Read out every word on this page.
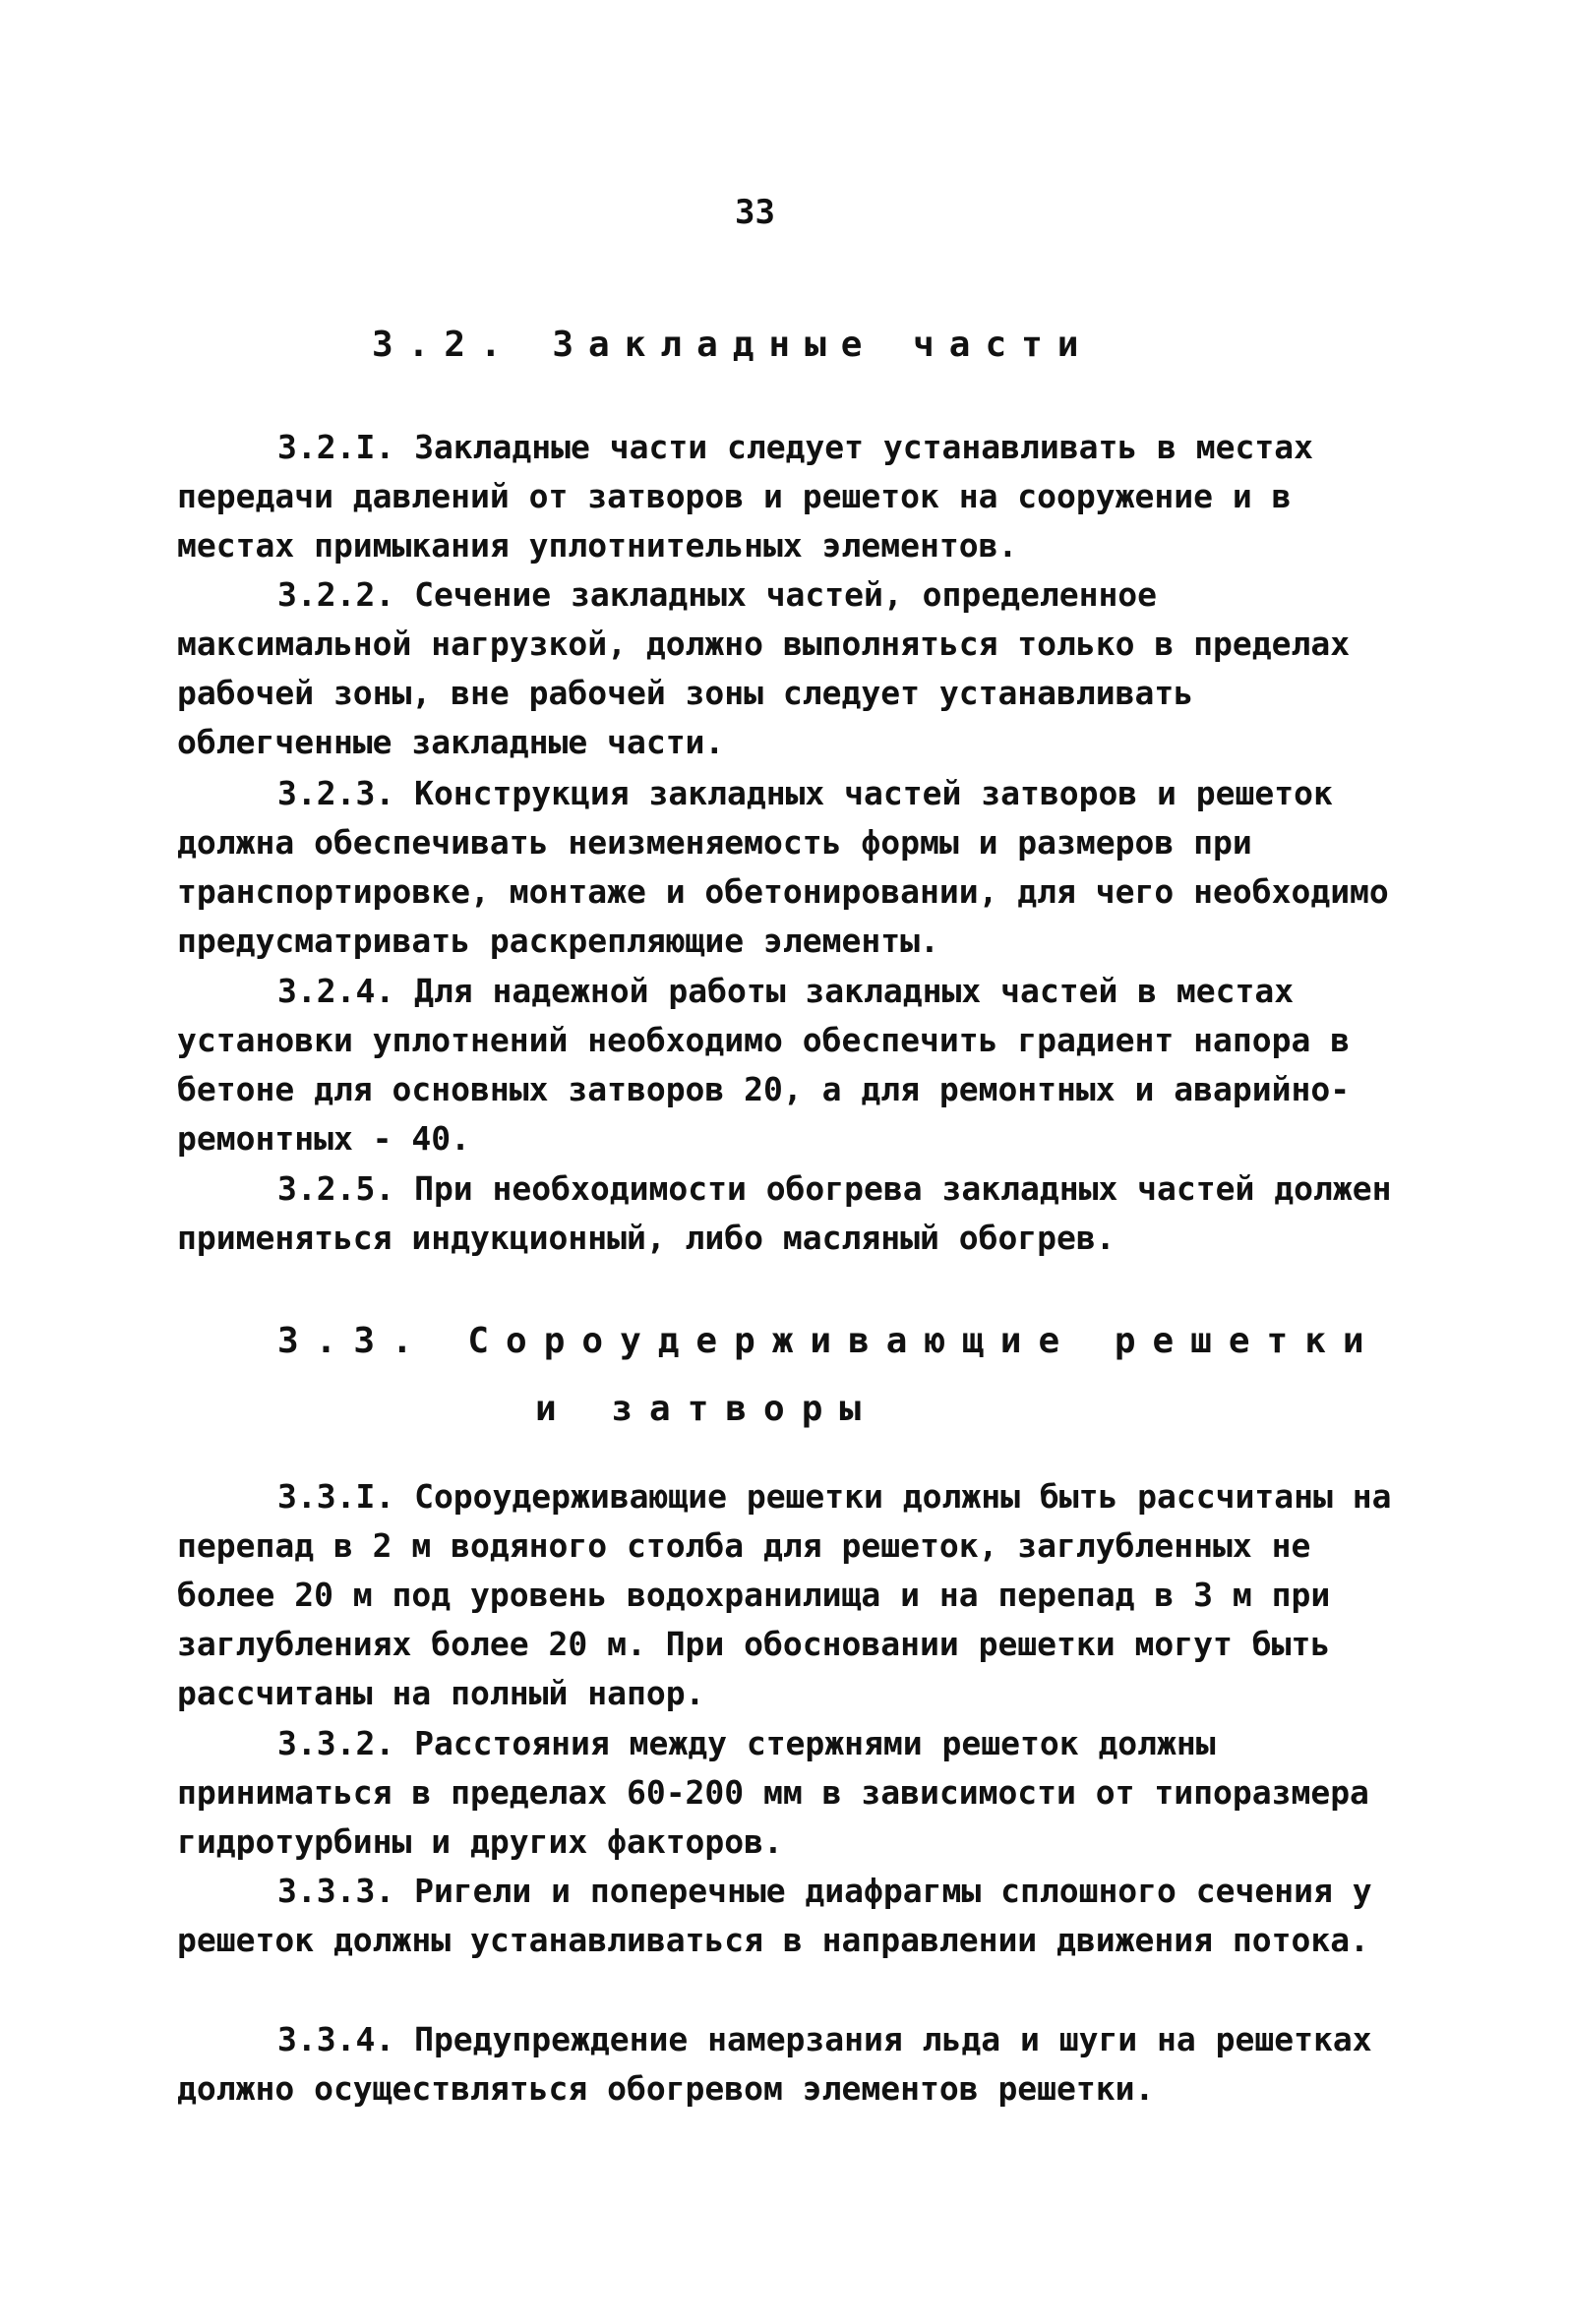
33
3.2. Закладные части
3.2.I. Закладные части следует устанавливать в местах передачи давлений от затворов и решеток на сооружение и в местах примыкания уплотнительных элементов.
3.2.2. Сечение закладных частей, определенное максимальной нагрузкой, должно выполняться только в пределах рабочей зоны, вне рабочей зоны следует устанавливать облегченные закладные части.
3.2.3. Конструкция закладных частей затворов и решеток должна обеспечивать неизменяемость формы и размеров при транспортировке, монтаже и обетонировании, для чего необходимо предусматривать раскрепляющие элементы.
3.2.4. Для надежной работы закладных частей в местах установки уплотнений необходимо обеспечить градиент напора в бетоне для основных затворов 20, а для ремонтных и аварийно-ремонтных - 40.
3.2.5. При необходимости обогрева закладных частей должен применяться индукционный, либо масляный обогрев.
3.3. Сороудерживающие решетки
и затворы
3.3.I. Сороудерживающие решетки должны быть рассчитаны на перепад в 2 м водяного столба для решеток, заглубленных не более 20 м под уровень водохранилища и на перепад в 3 м при заглублениях более 20 м. При обосновании решетки могут быть рассчитаны на полный напор.
3.3.2. Расстояния между стержнями решеток должны приниматься в пределах 60-200 мм в зависимости от типоразмера гидротурбины и других факторов.
3.3.3. Ригели и поперечные диафрагмы сплошного сечения у решеток должны устанавливаться в направлении движения потока.
3.3.4. Предупреждение намерзания льда и шуги на решетках должно осуществляться обогревом элементов решетки.
